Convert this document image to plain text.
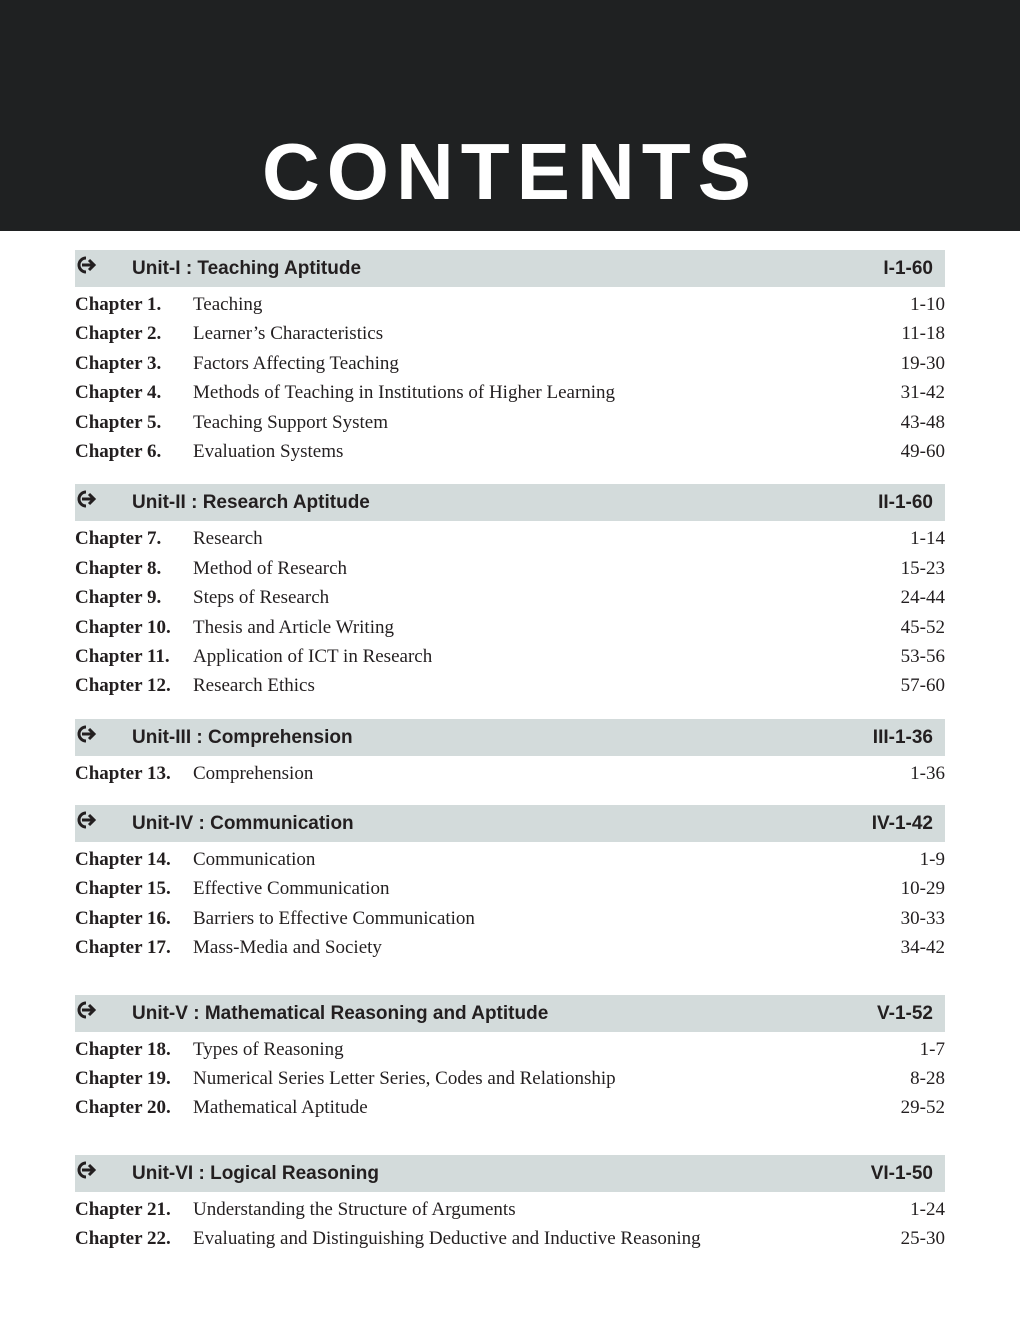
CONTENTS
Unit-I : Teaching Aptitude	I-1-60
Chapter 1.	Teaching	1-10
Chapter 2.	Learner’s Characteristics	11-18
Chapter 3.	Factors Affecting Teaching	19-30
Chapter 4.	Methods of Teaching in Institutions of Higher Learning	31-42
Chapter 5.	Teaching Support System	43-48
Chapter 6.	Evaluation Systems	49-60
Unit-II : Research Aptitude	II-1-60
Chapter 7.	Research	1-14
Chapter 8.	Method of Research	15-23
Chapter 9.	Steps of Research	24-44
Chapter 10.	Thesis and Article Writing	45-52
Chapter 11.	Application of ICT in Research	53-56
Chapter 12.	Research Ethics	57-60
Unit-III : Comprehension	III-1-36
Chapter 13.	Comprehension	1-36
Unit-IV : Communication	IV-1-42
Chapter 14.	Communication	1-9
Chapter 15.	Effective Communication	10-29
Chapter 16.	Barriers to Effective Communication	30-33
Chapter 17.	Mass-Media and Society	34-42
Unit-V : Mathematical Reasoning and Aptitude	V-1-52
Chapter 18.	Types of Reasoning	1-7
Chapter 19.	Numerical Series Letter Series, Codes and Relationship	8-28
Chapter 20.	Mathematical Aptitude	29-52
Unit-VI : Logical Reasoning	VI-1-50
Chapter 21.	Understanding the Structure of Arguments	1-24
Chapter 22.	Evaluating and Distinguishing Deductive and Inductive Reasoning	25-30
